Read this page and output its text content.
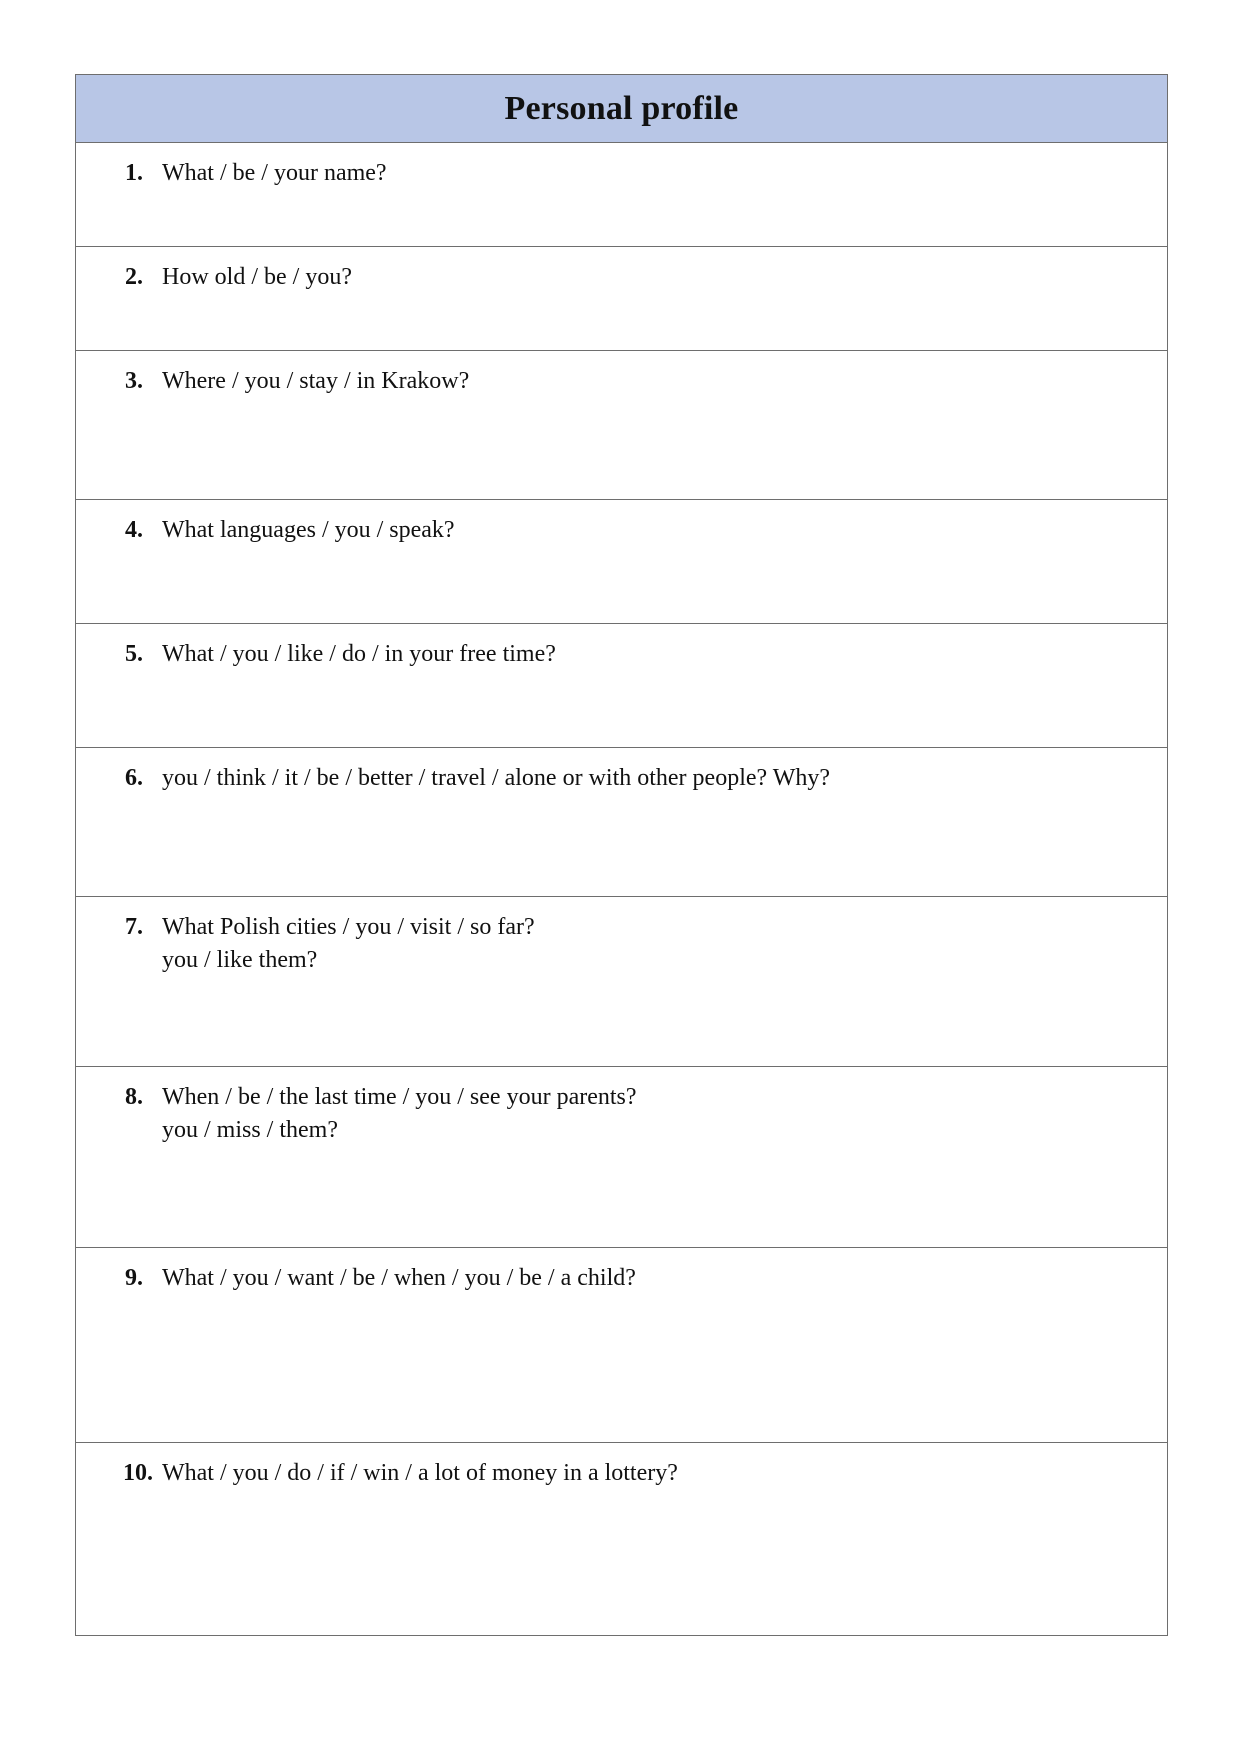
Personal profile
1. What / be / your name?
2. How old / be / you?
3. Where / you / stay / in Krakow?
4. What languages / you / speak?
5. What / you / like / do / in your free time?
6. you / think / it / be / better / travel / alone or with other people? Why?
7. What Polish cities / you / visit / so far?
you / like them?
8. When / be / the last time / you / see your parents?
you / miss / them?
9. What / you / want / be / when / you / be / a child?
10. What / you / do / if / win / a lot of money in a lottery?
